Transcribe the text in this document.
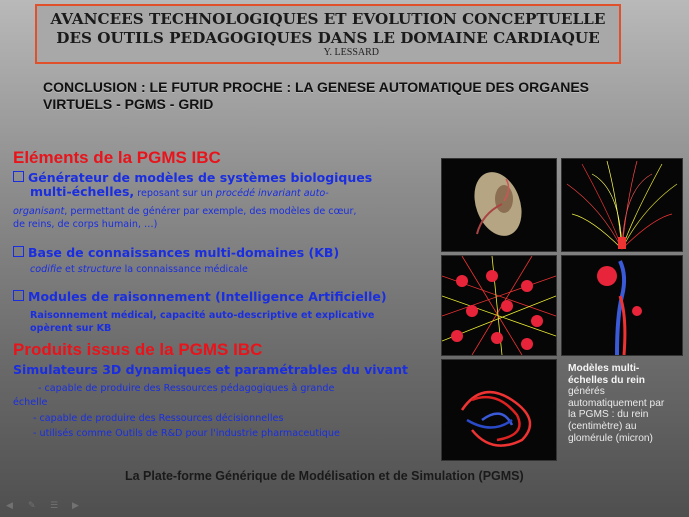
AVANCEES TECHNOLOGIQUES ET EVOLUTION CONCEPTUELLE
DES OUTILS PEDAGOGIQUES DANS LE DOMAINE CARDIAQUE
Y. LESSARD
CONCLUSION : LE FUTUR PROCHE : LA GENESE AUTOMATIQUE DES ORGANES
VIRTUELS - PGMS - GRID
Eléments de la PGMS IBC
Générateur de modèles de systèmes biologiques
multi-échelles, reposant sur un procédé invariant auto-
organisant, permettant de générer par exemple, des modèles de cœur,
de reins, de corps humain, …)
Base de connaissances multi-domaines (KB)
codifie et structure la connaissance médicale
Modules de raisonnement (Intelligence Artificielle)
Raisonnement médical, capacité auto-descriptive et explicative
opèrent sur KB
Produits issus de la PGMS IBC
Simulateurs 3D dynamiques et paramétrables du vivant
- capable de produire des Ressources pédagogiques à grande
échelle
- capable de produire des Ressources décisionnelles
- utilisés comme Outils de R&D pour l'industrie pharmaceutique
Modèles multi-
échelles du rein
générés
automatiquement par
la PGMS : du rein
(centimètre) au
glomérule (micron)
La Plate-forme Générique de Modélisation et de Simulation (PGMS)
◀	✎	☰	▶
